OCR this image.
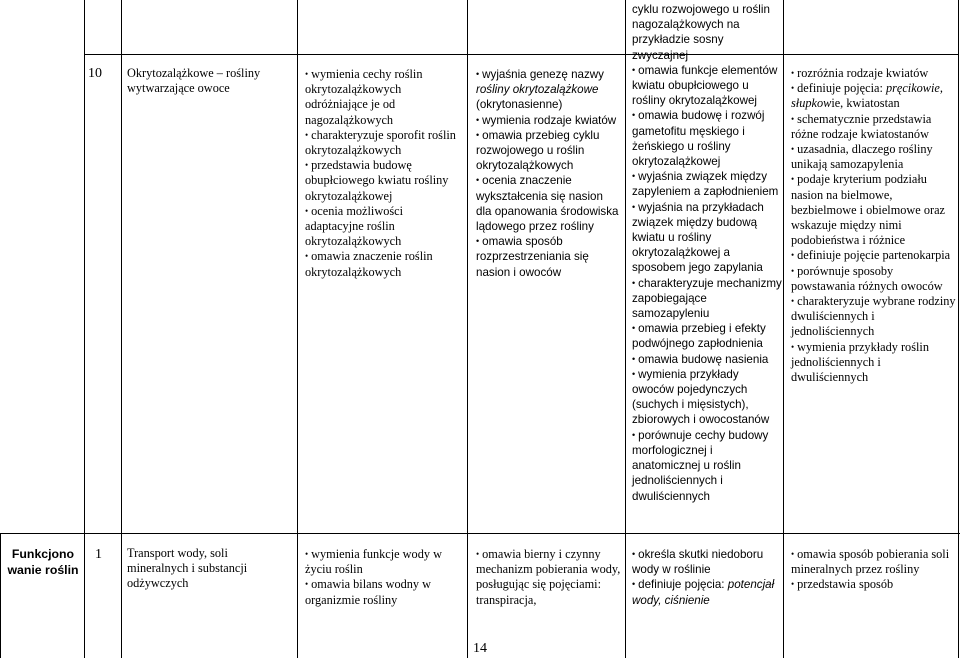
10	Okrytozalążkowe – rośliny wytwarzające owoce
• wymienia cechy roślin okrytozalążkowych odróżniające je od nagozalążkowych
• charakteryzuje sporofit roślin okrytozalążkowych
• przedstawia budowę obupłciowego kwiatu rośliny okrytozalążkowej
• ocenia możliwości adaptacyjne roślin okrytozalążkowych
• omawia znaczenie roślin okrytozalążkowych
• wyjaśnia genezę nazwy rośliny okrytozalążkowe (okrytonasienne)
• wymienia rodzaje kwiatów
• omawia przebieg cyklu rozwojowego u roślin okrytozalążkowych
• ocenia znaczenie wykształcenia się nasion dla opanowania środowiska lądowego przez rośliny
• omawia sposób rozprzestrzeniania się nasion i owoców
cyklu rozwojowego u roślin nagozalążkowych na przykładzie sosny zwyczajnej
• omawia funkcje elementów kwiatu obupłciowego u rośliny okrytozalążkowej
• omawia budowę i rozwój gametofitu męskiego i żeńskiego u rośliny okrytozalążkowej
• wyjaśnia związek między zapyleniem a zapłodnieniem
• wyjaśnia na przykładach związek między budową kwiatu u rośliny okrytozalążkowej a sposobem jego zapylania
• charakteryzuje mechanizmy zapobiegające samozapyleniu
• omawia przebieg i efekty podwójnego zapłodnienia
• omawia budowę nasienia
• wymienia przykłady owoców pojedynczych (suchych i mięsistych), zbiorowych i owocostanów
• porównuje cechy budowy morfologicznej i anatomicznej u roślin jednoliściennych i dwuliściennych
• rozróżnia rodzaje kwiatów
• definiuje pojęcia: pręcikowie, słupkowie, kwiatostan
• schematycznie przedstawia różne rodzaje kwiatostanów
• uzasadnia, dlaczego rośliny unikają samozapylenia
• podaje kryterium podziału nasion na bielmowe, bezbielmowe i obielmowe oraz wskazuje między nimi podobieństwa i różnice
• definiuje pojęcie partenokarpia
• porównuje sposoby powstawania różnych owoców
• charakteryzuje wybrane rodziny dwuliściennych i jednoliściennych
• wymienia przykłady roślin jednoliściennych i dwuliściennych
Funkcjono wanie roślin
1	Transport wody, soli mineralnych i substancji odżywczych
• wymienia funkcje wody w życiu roślin
• omawia bilans wodny w organizmie rośliny
• omawia bierny i czynny mechanizm pobierania wody, posługując się pojęciami: transpiracja,
• określa skutki niedoboru wody w roślinie
• definiuje pojęcia: potencjał wody, ciśnienie
• omawia sposób pobierania soli mineralnych przez rośliny
• przedstawia sposób
14
